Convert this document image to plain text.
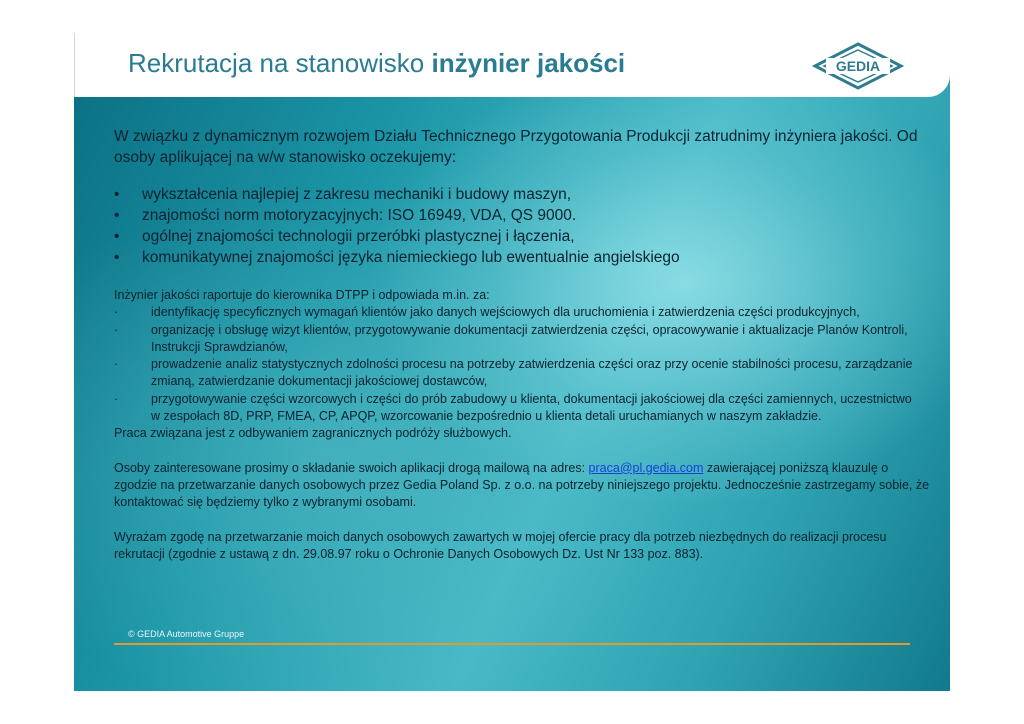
Rekrutacja na stanowisko inżynier jakości	GEDIA

W związku z dynamicznym rozwojem Działu Technicznego Przygotowania Produkcji zatrudnimy inżyniera jakości. Od osoby aplikującej na w/w stanowisko oczekujemy:

• wykształcenia najlepiej z zakresu mechaniki i budowy maszyn,
• znajomości norm motoryzacyjnych: ISO 16949, VDA, QS 9000.
• ogólnej znajomości technologii przeróbki plastycznej i łączenia,
• komunikatywnej znajomości języka niemieckiego lub ewentualnie angielskiego

Inżynier jakości raportuje do kierownika DTPP i odpowiada m.in. za:

· identyfikację specyficznych wymagań klientów jako danych wejściowych dla uruchomienia i zatwierdzenia części produkcyjnych,
· organizację i obsługę wizyt klientów, przygotowywanie dokumentacji zatwierdzenia części, opracowywanie i aktualizacje Planów Kontroli, Instrukcji Sprawdzianów,
· prowadzenie analiz statystycznych zdolności procesu na potrzeby zatwierdzenia części oraz przy ocenie stabilności procesu, zarządzanie zmianą, zatwierdzanie dokumentacji jakościowej dostawców,
· przygotowywanie części wzorcowych i części do prób zabudowy u klienta, dokumentacji jakościowej dla części zamiennych, uczestnictwo w zespołach 8D, PRP, FMEA, CP, APQP, wzorcowanie bezpośrednio u klienta detali uruchamianych w naszym zakładzie.

Praca związana jest z odbywaniem zagranicznych podróży służbowych.

Osoby zainteresowane prosimy o składanie swoich aplikacji drogą mailową na adres: praca@pl.gedia.com zawierającej poniższą klauzulę o zgodzie na przetwarzanie danych osobowych przez Gedia Poland Sp. z o.o. na potrzeby niniejszego projektu. Jednocześnie zastrzegamy sobie, że kontaktować się będziemy tylko z wybranymi osobami.

Wyrażam zgodę na przetwarzanie moich danych osobowych zawartych w mojej ofercie pracy dla potrzeb niezbędnych do realizacji procesu rekrutacji (zgodnie z ustawą z dn. 29.08.97 roku o Ochronie Danych Osobowych Dz. Ust Nr 133 poz. 883).

© GEDIA Automotive Gruppe
